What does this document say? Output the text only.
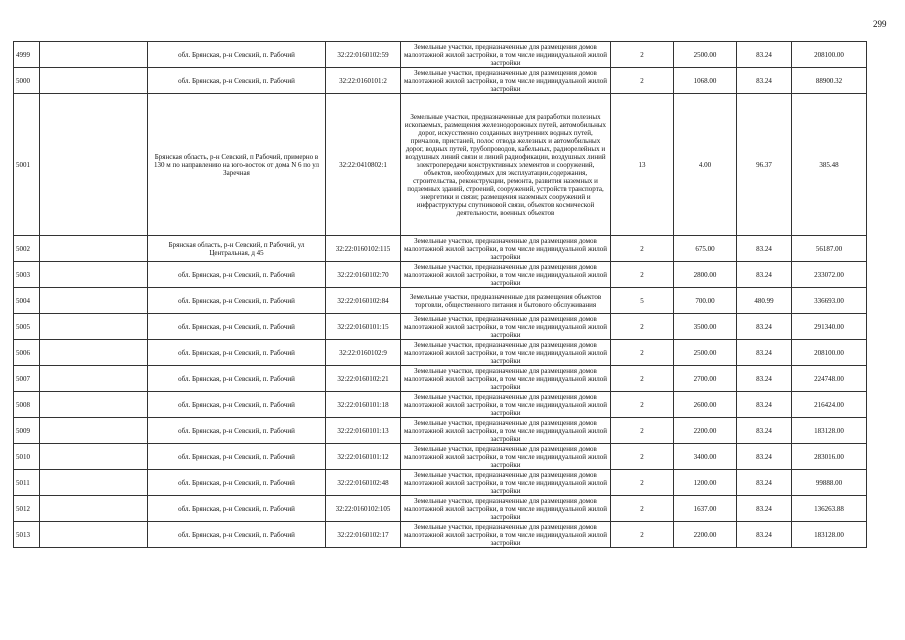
299
4999		обл. Брянская, р-н Севский, п. Рабочий	32:22:0160102:59	Земельные участки, предназначенные для размещения домов малоэтажной жилой застройки, в том числе индивидуальной жилой застройки	2	2500.00	83.24	208100.00
5000		обл. Брянская, р-н Севский, п. Рабочий	32:22:0160101:2	Земельные участки, предназначенные для размещения домов малоэтажной жилой застройки, в том числе индивидуальной жилой застройки	2	1068.00	83.24	88900.32
5001		Брянская область, р-н Севский, п Рабочий, примерно в 130 м по направлению на юго-восток от дома N 6 по ул Заречная	32:22:0410802:1	Земельные участки, предназначенные для разработки полезных ископаемых, размещения железнодорожных путей, автомобильных дорог, искусственно созданных внутренних водных путей, причалов, пристаней, полос отвода железных и автомобильных дорог, водных путей, трубопроводов, кабельных, радиорелейных и воздушных линий связи и линий радиофикации, воздушных линий электропередачи конструктивных элементов и сооружений, объектов, необходимых для эксплуатации,содержания, строительства, реконструкции, ремонта, развития наземных и подземных зданий, строений, сооружений, устройств транспорта, энергетики и связи; размещения наземных сооружений и инфраструктуры спутниковой связи, объектов космической деятельности, военных объектов	13	4.00	96.37	385.48
5002		Брянская область, р-н Севский, п Рабочий, ул Центральная, д 45	32:22:0160102:115	Земельные участки, предназначенные для размещения домов малоэтажной жилой застройки, в том числе индивидуальной жилой застройки	2	675.00	83.24	56187.00
5003		обл. Брянская, р-н Севский, п. Рабочий	32:22:0160102:70	Земельные участки, предназначенные для размещения домов малоэтажной жилой застройки, в том числе индивидуальной жилой застройки	2	2800.00	83.24	233072.00
5004		обл. Брянская, р-н Севский, п. Рабочий	32:22:0160102:84	Земельные участки, предназначенные для размещения объектов торговли, общественного питания и бытового обслуживания	5	700.00	480.99	336693.00
5005		обл. Брянская, р-н Севский, п. Рабочий	32:22:0160101:15	Земельные участки, предназначенные для размещения домов малоэтажной жилой застройки, в том числе индивидуальной жилой застройки	2	3500.00	83.24	291340.00
5006		обл. Брянская, р-н Севский, п. Рабочий	32:22:0160102:9	Земельные участки, предназначенные для размещения домов малоэтажной жилой застройки, в том числе индивидуальной жилой застройки	2	2500.00	83.24	208100.00
5007		обл. Брянская, р-н Севский, п. Рабочий	32:22:0160102:21	Земельные участки, предназначенные для размещения домов малоэтажной жилой застройки, в том числе индивидуальной жилой застройки	2	2700.00	83.24	224748.00
5008		обл. Брянская, р-н Севский, п. Рабочий	32:22:0160101:18	Земельные участки, предназначенные для размещения домов малоэтажной жилой застройки, в том числе индивидуальной жилой застройки	2	2600.00	83.24	216424.00
5009		обл. Брянская, р-н Севский, п. Рабочий	32:22:0160101:13	Земельные участки, предназначенные для размещения домов малоэтажной жилой застройки, в том числе индивидуальной жилой застройки	2	2200.00	83.24	183128.00
5010		обл. Брянская, р-н Севский, п. Рабочий	32:22:0160101:12	Земельные участки, предназначенные для размещения домов малоэтажной жилой застройки, в том числе индивидуальной жилой застройки	2	3400.00	83.24	283016.00
5011		обл. Брянская, р-н Севский, п. Рабочий	32:22:0160102:48	Земельные участки, предназначенные для размещения домов малоэтажной жилой застройки, в том числе индивидуальной жилой застройки	2	1200.00	83.24	99888.00
5012		обл. Брянская, р-н Севский, п. Рабочий	32:22:0160102:105	Земельные участки, предназначенные для размещения домов малоэтажной жилой застройки, в том числе индивидуальной жилой застройки	2	1637.00	83.24	136263.88
5013		обл. Брянская, р-н Севский, п. Рабочий	32:22:0160102:17	Земельные участки, предназначенные для размещения домов малоэтажной жилой застройки, в том числе индивидуальной жилой застройки	2	2200.00	83.24	183128.00
